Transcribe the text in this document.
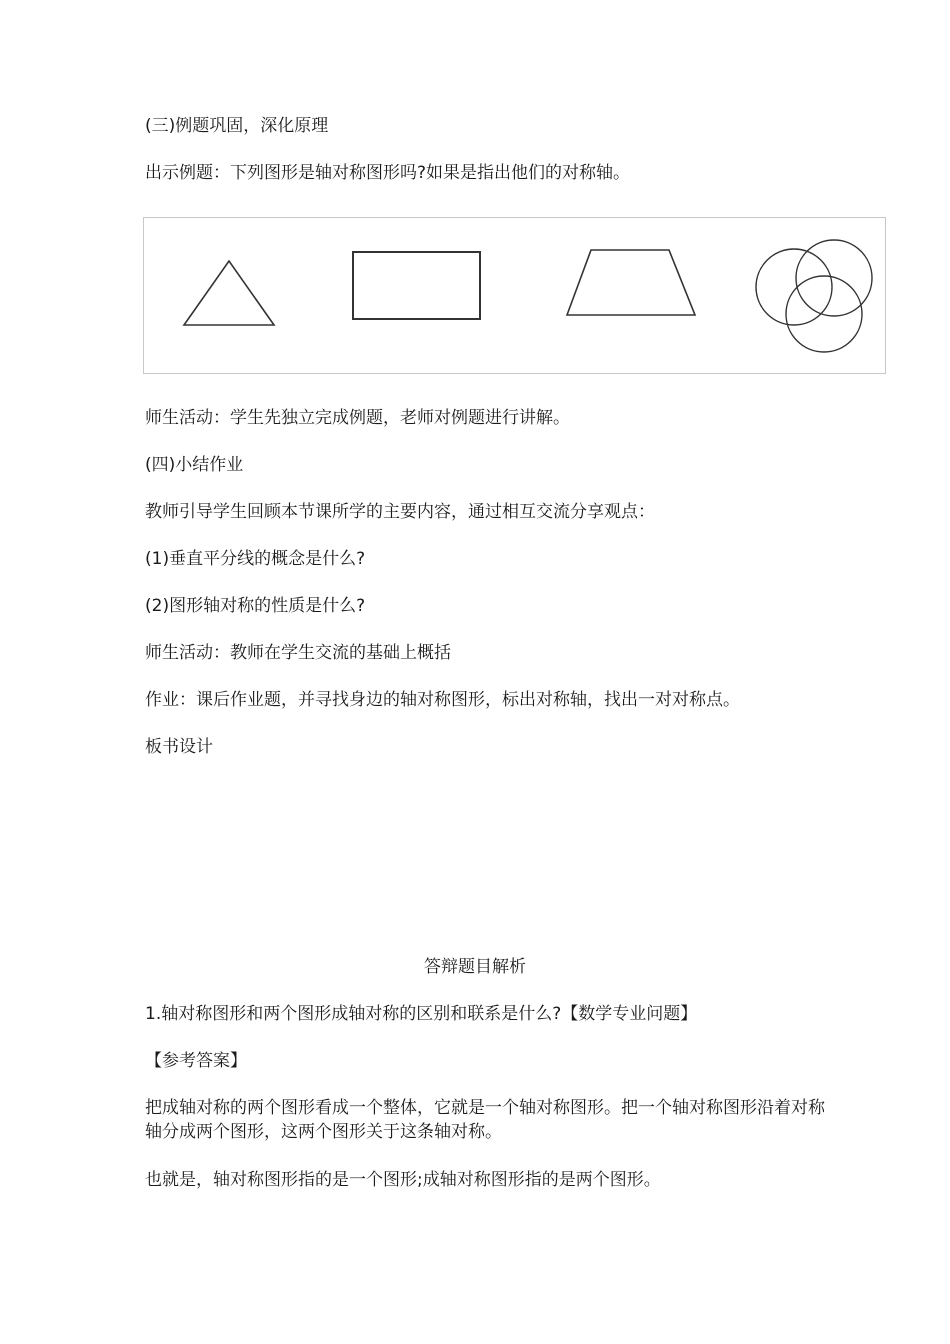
(三)例题巩固，深化原理
出示例题：下列图形是轴对称图形吗?如果是指出他们的对称轴。
师生活动：学生先独立完成例题，老师对例题进行讲解。
(四)小结作业
教师引导学生回顾本节课所学的主要内容，通过相互交流分享观点：
(1)垂直平分线的概念是什么?
(2)图形轴对称的性质是什么?
师生活动：教师在学生交流的基础上概括
作业：课后作业题，并寻找身边的轴对称图形，标出对称轴，找出一对对称点。
板书设计
答辩题目解析
1.轴对称图形和两个图形成轴对称的区别和联系是什么?【数学专业问题】
【参考答案】
把成轴对称的两个图形看成一个整体，它就是一个轴对称图形。把一个轴对称图形沿着对称轴分成两个图形，这两个图形关于这条轴对称。
也就是，轴对称图形指的是一个图形;成轴对称图形指的是两个图形。
